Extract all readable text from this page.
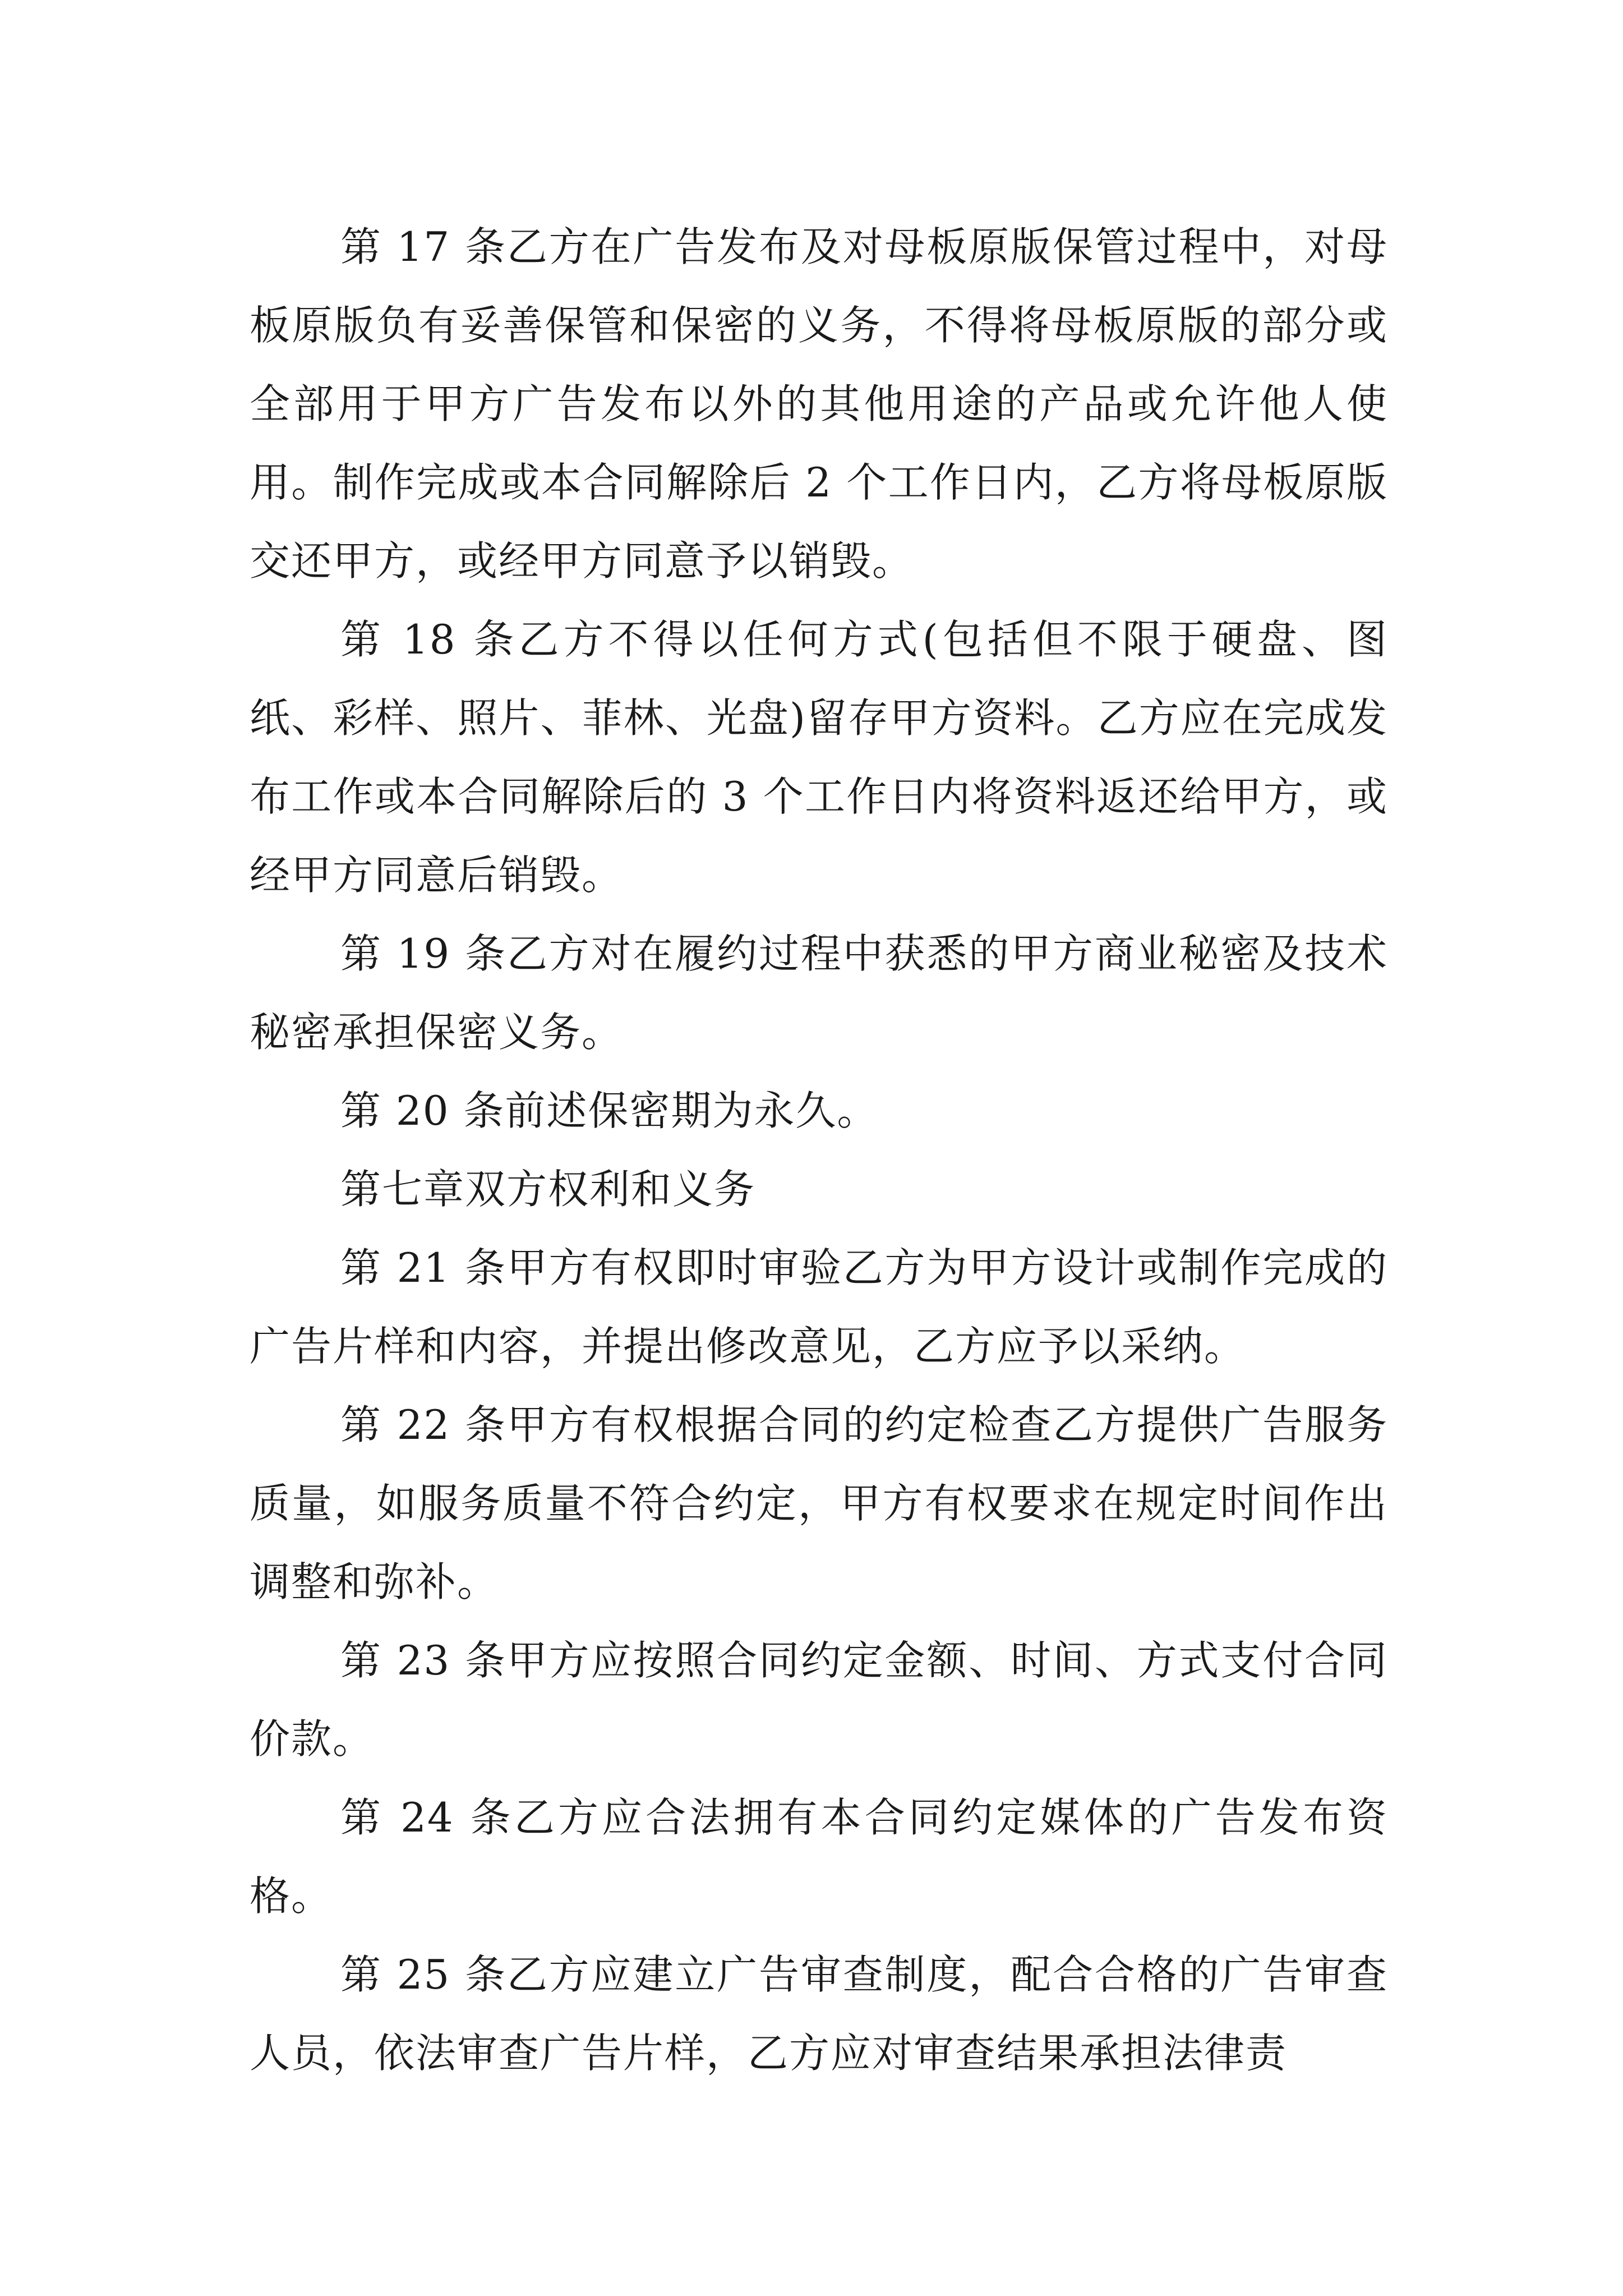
第 17 条乙方在广告发布及对母板原版保管过程中，对母板原版负有妥善保管和保密的义务，不得将母板原版的部分或全部用于甲方广告发布以外的其他用途的产品或允许他人使用。制作完成或本合同解除后 2 个工作日内，乙方将母板原版交还甲方，或经甲方同意予以销毁。

第 18 条乙方不得以任何方式(包括但不限于硬盘、图纸、彩样、照片、菲林、光盘)留存甲方资料。乙方应在完成发布工作或本合同解除后的 3 个工作日内将资料返还给甲方，或经甲方同意后销毁。

第 19 条乙方对在履约过程中获悉的甲方商业秘密及技术秘密承担保密义务。

第 20 条前述保密期为永久。

第七章双方权利和义务

第 21 条甲方有权即时审验乙方为甲方设计或制作完成的广告片样和内容，并提出修改意见，乙方应予以采纳。

第 22 条甲方有权根据合同的约定检查乙方提供广告服务质量，如服务质量不符合约定，甲方有权要求在规定时间作出调整和弥补。

第 23 条甲方应按照合同约定金额、时间、方式支付合同价款。

第 24 条乙方应合法拥有本合同约定媒体的广告发布资格。

第 25 条乙方应建立广告审查制度，配合合格的广告审查人员，依法审查广告片样，乙方应对审查结果承担法律责
